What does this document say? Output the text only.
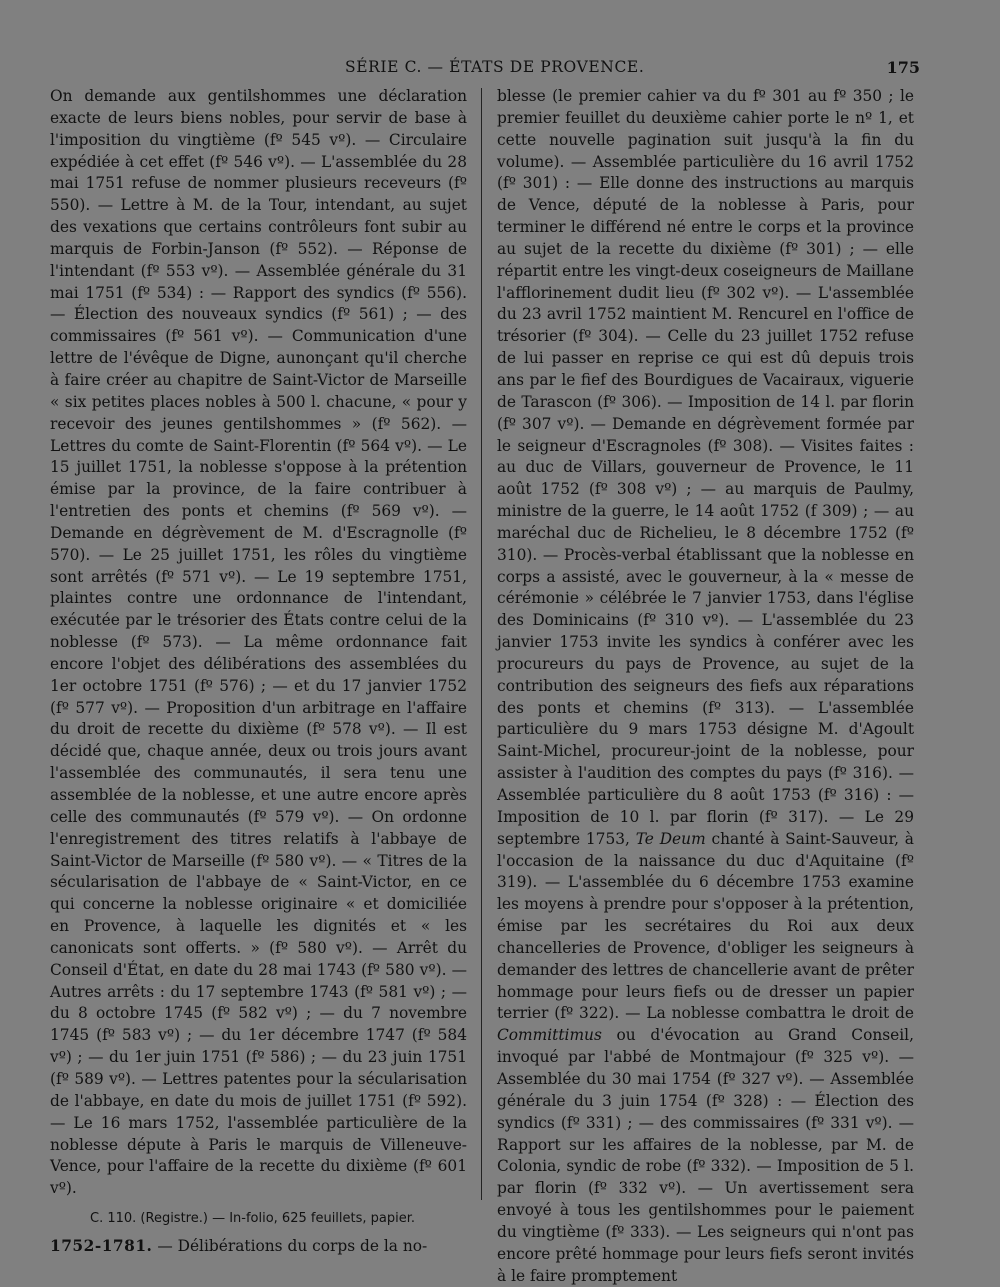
SÉRIE C. — ÉTATS DE PROVENCE.	175

On demande aux gentilshommes une déclaration exacte de leurs biens nobles, pour servir de base à l'imposition du vingtième (fº 545 vº). — Circulaire expédiée à cet effet (fº 546 vº). — L'assemblée du 28 mai 1751 refuse de nommer plusieurs receveurs (fº 550). — Lettre à M. de la Tour, intendant, au sujet des vexations que certains contrôleurs font subir au marquis de Forbin-Janson (fº 552). — Réponse de l'intendant (fº 553 vº). — Assemblée générale du 31 mai 1751 (fº 534) : — Rapport des syndics (fº 556). — Élection des nouveaux syndics (fº 561) ; — des commissaires (fº 561 vº). — Communication d'une lettre de l'évêque de Digne, aunonçant qu'il cherche à faire créer au chapitre de Saint-Victor de Marseille « six petites places nobles à 500 l. chacune, « pour y recevoir des jeunes gentilshommes » (fº 562). — Lettres du comte de Saint-Florentin (fº 564 vº). — Le 15 juillet 1751, la noblesse s'oppose à la prétention émise par la province, de la faire contribuer à l'entretien des ponts et chemins (fº 569 vº). — Demande en dégrèvement de M. d'Escragnolle (fº 570). — Le 25 juillet 1751, les rôles du vingtième sont arrêtés (fº 571 vº). — Le 19 septembre 1751, plaintes contre une ordonnance de l'intendant, exécutée par le trésorier des États contre celui de la noblesse (fº 573). — La même ordonnance fait encore l'objet des délibérations des assemblées du 1er octobre 1751 (fº 576) ; — et du 17 janvier 1752 (fº 577 vº). — Proposition d'un arbitrage en l'affaire du droit de recette du dixième (fº 578 vº). — Il est décidé que, chaque année, deux ou trois jours avant l'assemblée des communautés, il sera tenu une assemblée de la noblesse, et une autre encore après celle des communautés (fº 579 vº). — On ordonne l'enregistrement des titres relatifs à l'abbaye de Saint-Victor de Marseille (fº 580 vº). — « Titres de la sécularisation de l'abbaye de « Saint-Victor, en ce qui concerne la noblesse originaire « et domiciliée en Provence, à laquelle les dignités et « les canonicats sont offerts. » (fº 580 vº). — Arrêt du Conseil d'État, en date du 28 mai 1743 (fº 580 vº). — Autres arrêts : du 17 septembre 1743 (fº 581 vº) ; — du 8 octobre 1745 (fº 582 vº) ; — du 7 novembre 1745 (fº 583 vº) ; — du 1er décembre 1747 (fº 584 vº) ; — du 1er juin 1751 (fº 586) ; — du 23 juin 1751 (fº 589 vº). — Lettres patentes pour la sécularisation de l'abbaye, en date du mois de juillet 1751 (fº 592). — Le 16 mars 1752, l'assemblée particulière de la noblesse députe à Paris le marquis de Villeneuve-Vence, pour l'affaire de la recette du dixième (fº 601 vº).

C. 110. (Registre.) — In-folio, 625 feuillets, papier.

1752-1781. — Délibérations du corps de la no-

blesse (le premier cahier va du fº 301 au fº 350 ; le premier feuillet du deuxième cahier porte le nº 1, et cette nouvelle pagination suit jusqu'à la fin du volume). — Assemblée particulière du 16 avril 1752 (fº 301) : — Elle donne des instructions au marquis de Vence, député de la noblesse à Paris, pour terminer le différend né entre le corps et la province au sujet de la recette du dixième (fº 301) ; — elle répartit entre les vingt-deux coseigneurs de Maillane l'afflorinement dudit lieu (fº 302 vº). — L'assemblée du 23 avril 1752 maintient M. Rencurel en l'office de trésorier (fº 304). — Celle du 23 juillet 1752 refuse de lui passer en reprise ce qui est dû depuis trois ans par le fief des Bourdigues de Vacairaux, viguerie de Tarascon (fº 306). — Imposition de 14 l. par florin (fº 307 vº). — Demande en dégrèvement formée par le seigneur d'Escragnoles (fº 308). — Visites faites : au duc de Villars, gouverneur de Provence, le 11 août 1752 (fº 308 vº) ; — au marquis de Paulmy, ministre de la guerre, le 14 août 1752 (f 309) ; — au maréchal duc de Richelieu, le 8 décembre 1752 (fº 310). — Procès-verbal établissant que la noblesse en corps a assisté, avec le gouverneur, à la « messe de cérémonie » célébrée le 7 janvier 1753, dans l'église des Dominicains (fº 310 vº). — L'assemblée du 23 janvier 1753 invite les syndics à conférer avec les procureurs du pays de Provence, au sujet de la contribution des seigneurs des fiefs aux réparations des ponts et chemins (fº 313). — L'assemblée particulière du 9 mars 1753 désigne M. d'Agoult Saint-Michel, procureur-joint de la noblesse, pour assister à l'audition des comptes du pays (fº 316). — Assemblée particulière du 8 août 1753 (fº 316) : — Imposition de 10 l. par florin (fº 317). — Le 29 septembre 1753, Te Deum chanté à Saint-Sauveur, à l'occasion de la naissance du duc d'Aquitaine (fº 319). — L'assemblée du 6 décembre 1753 examine les moyens à prendre pour s'opposer à la prétention, émise par les secrétaires du Roi aux deux chancelleries de Provence, d'obliger les seigneurs à demander des lettres de chancellerie avant de prêter hommage pour leurs fiefs ou de dresser un papier terrier (fº 322). — La noblesse combattra le droit de Committimus ou d'évocation au Grand Conseil, invoqué par l'abbé de Montmajour (fº 325 vº). — Assemblée du 30 mai 1754 (fº 327 vº). — Assemblée générale du 3 juin 1754 (fº 328) : — Élection des syndics (fº 331) ; — des commissaires (fº 331 vº). — Rapport sur les affaires de la noblesse, par M. de Colonia, syndic de robe (fº 332). — Imposition de 5 l. par florin (fº 332 vº). — Un avertissement sera envoyé à tous les gentilshommes pour le paiement du vingtième (fº 333). — Les seigneurs qui n'ont pas encore prêté hommage pour leurs fiefs seront invités à le faire promptement
